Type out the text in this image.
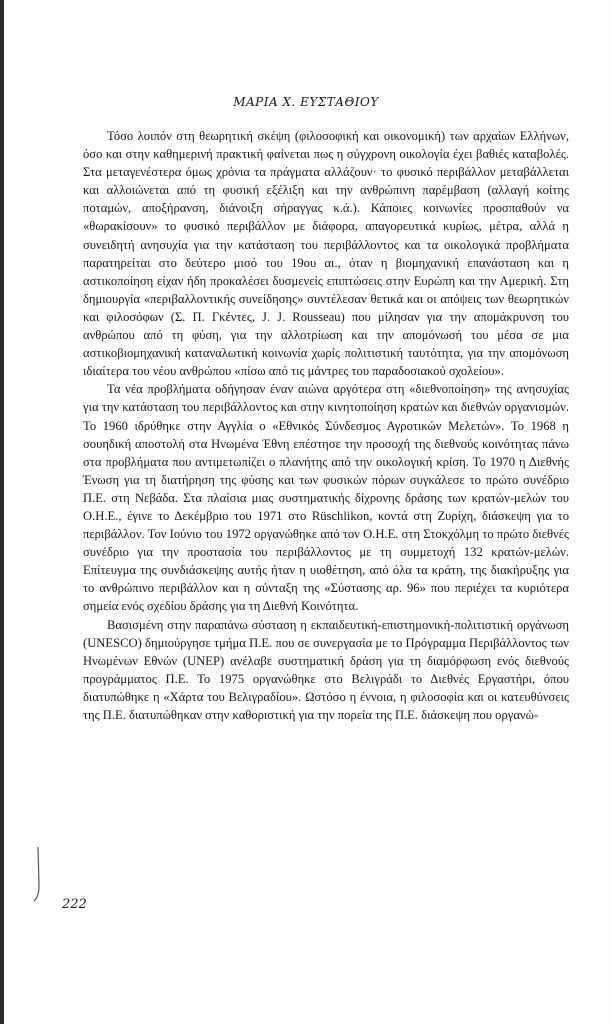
ΜΑΡΙΑ Χ. ΕΥΣΤΑΘΙΟΥ

Τόσο λοιπόν στη θεωρητική σκέψη (φιλοσοφική και οικονομική) των αρχαίων Ελλήνων, όσο και στην καθημερινή πρακτική φαίνεται πως η σύγχρονη οικολογία έχει βαθιές καταβολές. Στα μεταγενέστερα όμως χρόνια τα πράγματα αλλάζουν· το φυσικό περιβάλλον μεταβάλλεται και αλλοιώνεται από τη φυσική εξέλιξη και την ανθρώπινη παρέμβαση (αλλαγή κοίτης ποταμών, αποξήρανση, διάνοιξη σήραγγας κ.ά.). Κάποιες κοινωνίες προσπαθούν να «θωρακίσουν» το φυσικό περιβάλλον με διάφορα, απαγορευτικά κυρίως, μέτρα, αλλά η συνειδητή ανησυχία για την κατάσταση του περιβάλλοντος και τα οικολογικά προβλήματα παρατηρείται στο δεύτερο μισό του 19ου αι., όταν η βιομηχανική επανάσταση και η αστικοποίηση είχαν ήδη προκαλέσει δυσμενείς επιπτώσεις στην Ευρώπη και την Αμερική. Στη δημιουργία «περιβαλλοντικής συνείδησης» συντέλεσαν θετικά και οι απόψεις των θεωρητικών και φιλοσόφων (Σ. Π. Γκέντες, J. J. Rousseau) που μίλησαν για την απομάκρυνση του ανθρώπου από τη φύση, για την αλλοτρίωση και την απομόνωσή του μέσα σε μια αστικοβιομηχανική καταναλωτική κοινωνία χωρίς πολιτιστική ταυτότητα, για την απομόνωση ιδιαίτερα του νέου ανθρώπου «πίσω από τις μάντρες του παραδοσιακού σχολείου».

Τα νέα προβλήματα οδήγησαν έναν αιώνα αργότερα στη «διεθνοποίηση» της ανησυχίας για την κατάσταση του περιβάλλοντος και στην κινητοποίηση κρατών και διεθνών οργανισμών. Το 1960 ιδρύθηκε στην Αγγλία ο «Εθνικός Σύνδεσμος Αγροτικών Μελετών». Το 1968 η σουηδική αποστολή στα Ηνωμένα Έθνη επέστησε την προσοχή της διεθνούς κοινότητας πάνω στα προβλήματα που αντιμετωπίζει ο πλανήτης από την οικολογική κρίση. Το 1970 η Διεθνής Ένωση για τη διατήρηση της φύσης και των φυσικών πόρων συγκάλεσε το πρώτο συνέδριο Π.Ε. στη Νεβάδα. Στα πλαίσια μιας συστηματικής δίχρονης δράσης των κρατών-μελών του Ο.Η.Ε., έγινε το Δεκέμβριο του 1971 στο Rüschlikon, κοντά στη Ζυρίχη, διάσκεψη για το περιβάλλον. Τον Ιούνιο του 1972 οργανώθηκε από τον Ο.Η.Ε. στη Στοκχόλμη το πρώτο διεθνές συνέδριο για την προστασία του περιβάλλοντος με τη συμμετοχή 132 κρατών-μελών. Επίτευγμα της συνδιάσκεψης αυτής ήταν η υιοθέτηση, από όλα τα κράτη, της διακήρυξης για το ανθρώπινο περιβάλλον και η σύνταξη της «Σύστασης αρ. 96» που περιέχει τα κυριότερα σημεία ενός σχεδίου δράσης για τη Διεθνή Κοινότητα.

Βασισμένη στην παραπάνω σύσταση η εκπαιδευτική-επιστημονική-πολιτιστική οργάνωση (UNESCO) δημιούργησε τμήμα Π.Ε. που σε συνεργασία με το Πρόγραμμα Περιβάλλοντος των Ηνωμένων Εθνών (UNEP) ανέλαβε συστηματική δράση για τη διαμόρφωση ενός διεθνούς προγράμματος Π.Ε. Το 1975 οργανώθηκε στο Βελιγράδι το Διεθνές Εργαστήρι, όπου διατυπώθηκε η «Χάρτα του Βελιγραδίου». Ωστόσο η έννοια, η φιλοσοφία και οι κατευθύνσεις της Π.Ε. διατυπώθηκαν στην καθοριστική για την πορεία της Π.Ε. διάσκεψη που οργανώ-

222
